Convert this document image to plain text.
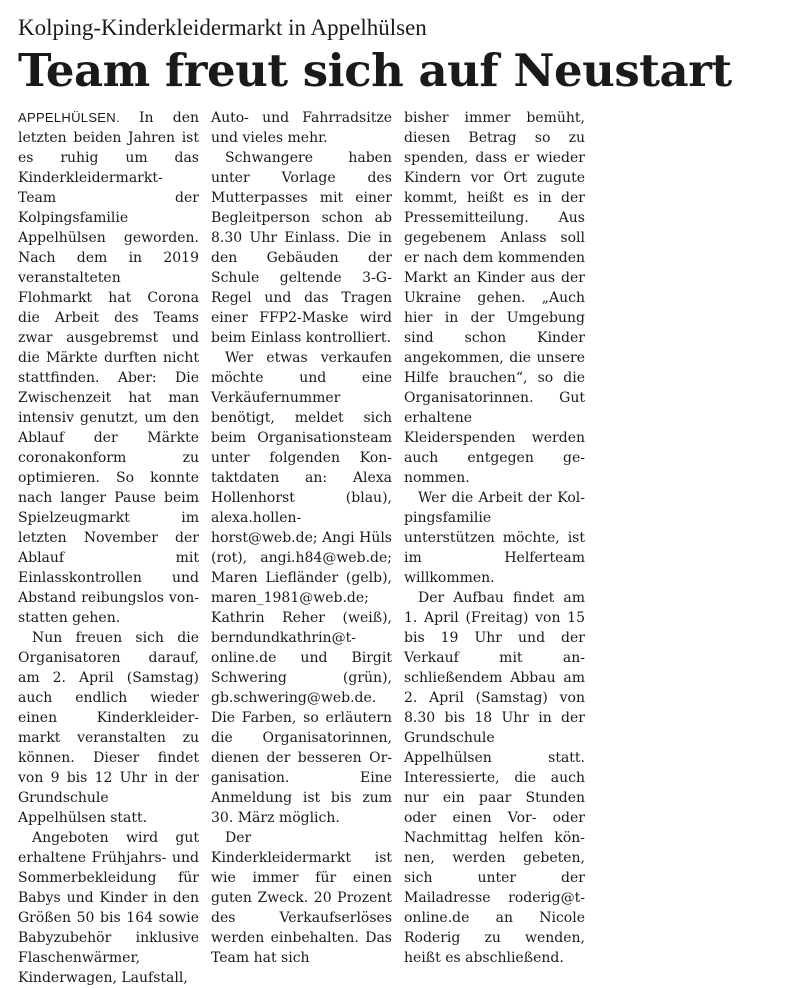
Kolping-Kinderkleidermarkt in Appelhülsen
Team freut sich auf Neustart

APPELHÜLSEN. In den letzten beiden Jahren ist es ruhig um das Kinderkleidermarkt-Team der Kolpingsfamilie Appelhülsen geworden. Nach dem in 2019 veranstalteten Flohmarkt hat Corona die Arbeit des Teams zwar ausgebremst und die Märkte durften nicht stattfinden. Aber: Die Zwischenzeit hat man intensiv genutzt, um den Ablauf der Märkte coronakonform zu optimieren. So konnte nach langer Pause beim Spielzeugmarkt im letzten November der Ablauf mit Einlasskontrollen und Abstand reibungslos vonstatten gehen.

Nun freuen sich die Organisatoren darauf, am 2. April (Samstag) auch endlich wieder einen Kinderkleidermarkt veranstalten zu können. Dieser findet von 9 bis 12 Uhr in der Grundschule Appelhülsen statt.

Angeboten wird gut erhaltene Frühjahrs- und Sommerbekleidung für Babys und Kinder in den Größen 50 bis 164 sowie Babyzubehör inklusive Flaschenwärmer, Kinderwagen, Laufstall,

Auto- und Fahrradsitze und vieles mehr.

Schwangere haben unter Vorlage des Mutterpasses mit einer Begleitperson schon ab 8.30 Uhr Einlass. Die in den Gebäuden der Schule geltende 3-G-Regel und das Tragen einer FFP2-Maske wird beim Einlass kontrolliert.

Wer etwas verkaufen möchte und eine Verkäufernummer benötigt, meldet sich beim Organisationsteam unter folgenden Kontaktdaten an: Alexa Hollenhorst (blau), alexa.hollenhorst@web.de; Angi Hüls (rot), angi.h84@web.de; Maren Liefländer (gelb), maren_1981@web.de; Kathrin Reher (weiß), berndundkathrin@t-online.de und Birgit Schwering (grün), gb.schwering@web.de. Die Farben, so erläutern die Organisatorinnen, dienen der besseren Organisation. Eine Anmeldung ist bis zum 30. März möglich.

Der Kinderkleidermarkt ist wie immer für einen guten Zweck. 20 Prozent des Verkaufserlöses werden einbehalten. Das Team hat sich

bisher immer bemüht, diesen Betrag so zu spenden, dass er wieder Kindern vor Ort zugute kommt, heißt es in der Pressemitteilung. Aus gegebenem Anlass soll er nach dem kommenden Markt an Kinder aus der Ukraine gehen. „Auch hier in der Umgebung sind schon Kinder angekommen, die unsere Hilfe brauchen“, so die Organisatorinnen. Gut erhaltene Kleiderspenden werden auch entgegen genommen.

Wer die Arbeit der Kolpingsfamilie unterstützen möchte, ist im Helferteam willkommen.

Der Aufbau findet am 1. April (Freitag) von 15 bis 19 Uhr und der Verkauf mit anschließendem Abbau am 2. April (Samstag) von 8.30 bis 18 Uhr in der Grundschule Appelhülsen statt. Interessierte, die auch nur ein paar Stunden oder einen Vor- oder Nachmittag helfen können, werden gebeten, sich unter der Mailadresse roderig@t-online.de an Nicole Roderig zu wenden, heißt es abschließend.
